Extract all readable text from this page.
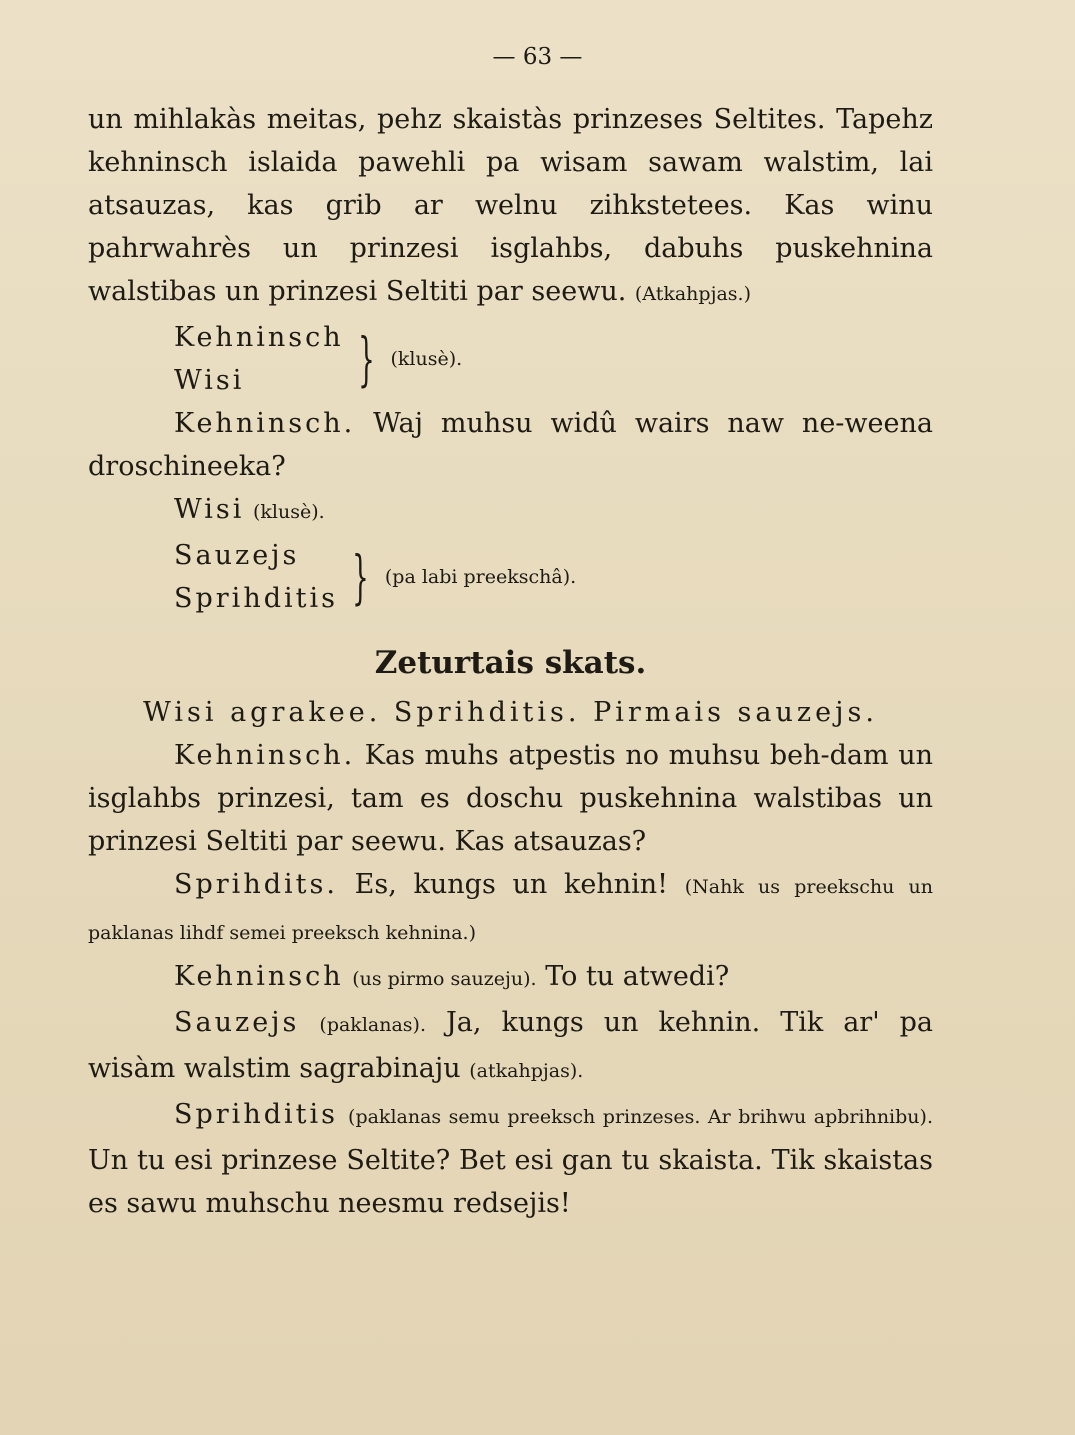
— 63 —

un mihlakàs meitas, pehz skaistàs prinzeses Seltites. Tapehz kehninsch islaida pawehli pa wisam sawam walstim, lai atsauzas, kas grib ar welnu zihkstetees. Kas winu pahrwahrès un prinzesi isglahbs, dabuhs puskehnina walstibas un prinzesi Seltiti par seewu. (Atkahpjas.)

Kehninsch
Wisi	} (klusè).

Kehninsch. Waj muhsu widû wairs naw ne-weena droschineeka?

Wisi (klusè).

Sauzejs
Sprihditis } (pa labi preekschâ).
Zeturtais skats.
Wisi agrakee. Sprihditis. Pirmais sauzejs.

Kehninsch. Kas muhs atpestis no muhsu beh-dam un isglahbs prinzesi, tam es doschu puskehnina walstibas un prinzesi Seltiti par seewu. Kas atsauzas?

Sprihdits. Es, kungs un kehnin! (Nahk us preekschu un paklanas lihdf semei preeksch kehnina.)

Kehninsch (us pirmo sauzeju). To tu atwedi?

Sauzejs (paklanas). Ja, kungs un kehnin. Tik ar' pa wisàm walstim sagrabinaju (atkahpjas).

Sprihditis (paklanas semu preeksch prinzeses. Ar brihwu apbrihnibu). Un tu esi prinzese Seltite? Bet esi gan tu skaista. Tik skaistas es sawu muhschu neesmu redsejis!
